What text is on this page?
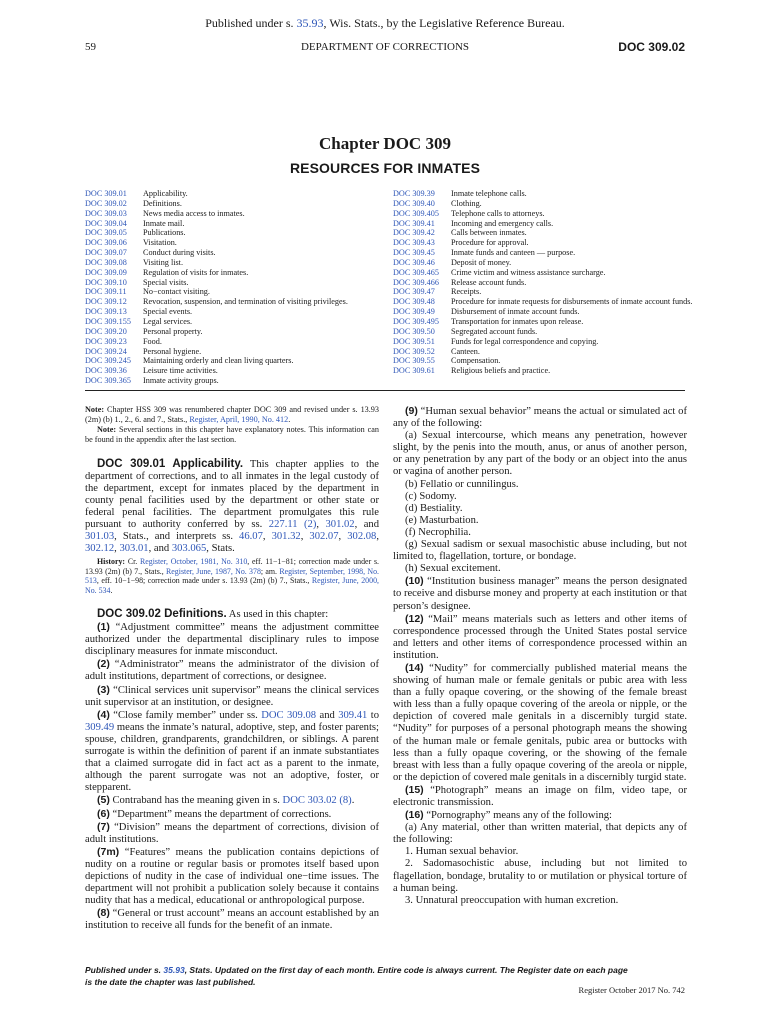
Published under s. 35.93, Wis. Stats., by the Legislative Reference Bureau.
59	DEPARTMENT OF CORRECTIONS	DOC 309.02
Chapter DOC 309
RESOURCES FOR INMATES
DOC 309.01	Applicability.
DOC 309.02	Definitions.
DOC 309.03	News media access to inmates.
DOC 309.04	Inmate mail.
DOC 309.05	Publications.
DOC 309.06	Visitation.
DOC 309.07	Conduct during visits.
DOC 309.08	Visiting list.
DOC 309.09	Regulation of visits for inmates.
DOC 309.10	Special visits.
DOC 309.11	No−contact visiting.
DOC 309.12	Revocation, suspension, and termination of visiting privileges.
DOC 309.13	Special events.
DOC 309.155	Legal services.
DOC 309.20	Personal property.
DOC 309.23	Food.
DOC 309.24	Personal hygiene.
DOC 309.245	Maintaining orderly and clean living quarters.
DOC 309.36	Leisure time activities.
DOC 309.365	Inmate activity groups.
DOC 309.39	Inmate telephone calls.
DOC 309.40	Clothing.
DOC 309.405	Telephone calls to attorneys.
DOC 309.41	Incoming and emergency calls.
DOC 309.42	Calls between inmates.
DOC 309.43	Procedure for approval.
DOC 309.45	Inmate funds and canteen — purpose.
DOC 309.46	Deposit of money.
DOC 309.465	Crime victim and witness assistance surcharge.
DOC 309.466	Release account funds.
DOC 309.47	Receipts.
DOC 309.48	Procedure for inmate requests for disbursements of inmate account funds.
DOC 309.49	Disbursement of inmate account funds.
DOC 309.495	Transportation for inmates upon release.
DOC 309.50	Segregated account funds.
DOC 309.51	Funds for legal correspondence and copying.
DOC 309.52	Canteen.
DOC 309.55	Compensation.
DOC 309.61	Religious beliefs and practice.

Note: Chapter HSS 309 was renumbered chapter DOC 309 and revised under s. 13.93 (2m) (b) 1., 2., 6. and 7., Stats., Register, April, 1990, No. 412.

Note: Several sections in this chapter have explanatory notes. This information can be found in the appendix after the last section.

DOC 309.01 Applicability. This chapter applies to the department of corrections, and to all inmates in the legal custody of the department, except for inmates placed by the department in county penal facilities used by the department or other state or federal penal facilities. The department promulgates this rule pursuant to authority conferred by ss. 227.11 (2), 301.02, and 301.03, Stats., and interprets ss. 46.07, 301.32, 302.07, 302.08, 302.12, 303.01, and 303.065, Stats.

History: Cr. Register, October, 1981, No. 310, eff. 11−1−81; correction made under s. 13.93 (2m) (b) 7., Stats., Register, June, 1987, No. 378; am. Register, September, 1998, No. 513, eff. 10−1−98; correction made under s. 13.93 (2m) (b) 7., Stats., Register, June, 2000, No. 534.

DOC 309.02 Definitions. As used in this chapter:

(1) “Adjustment committee” means the adjustment committee authorized under the departmental disciplinary rules to impose disciplinary measures for inmate misconduct.

(2) “Administrator” means the administrator of the division of adult institutions, department of corrections, or designee.

(3) “Clinical services unit supervisor” means the clinical services unit supervisor at an institution, or designee.

(4) “Close family member” under ss. DOC 309.08 and 309.41 to 309.49 means the inmate’s natural, adoptive, step, and foster parents; spouse, children, grandparents, grandchildren, or siblings. A parent surrogate is within the definition of parent if an inmate substantiates that a claimed surrogate did in fact act as a parent to the inmate, although the parent surrogate was not an adoptive, foster, or stepparent.

(5) Contraband has the meaning given in s. DOC 303.02 (8).

(6) “Department” means the department of corrections.

(7) “Division” means the department of corrections, division of adult institutions.

(7m) “Features” means the publication contains depictions of nudity on a routine or regular basis or promotes itself based upon depictions of nudity in the case of individual one−time issues. The department will not prohibit a publication solely because it contains nudity that has a medical, educational or anthropological purpose.

(8) “General or trust account” means an account established by an institution to receive all funds for the benefit of an inmate.

(9) “Human sexual behavior” means the actual or simulated act of any of the following:

(a) Sexual intercourse, which means any penetration, however slight, by the penis into the mouth, anus, or anus of another person, or any penetration by any part of the body or an object into the anus or vagina of another person.

(b) Fellatio or cunnilingus.

(c) Sodomy.

(d) Bestiality.

(e) Masturbation.

(f) Necrophilia.

(g) Sexual sadism or sexual masochistic abuse including, but not limited to, flagellation, torture, or bondage.

(h) Sexual excitement.

(10) “Institution business manager” means the person designated to receive and disburse money and property at each institution or that person’s designee.

(12) “Mail” means materials such as letters and other items of correspondence processed through the United States postal service and letters and other items of correspondence processed within an institution.

(14) “Nudity” for commercially published material means the showing of human male or female genitals or pubic area with less than a fully opaque covering, or the showing of the female breast with less than a fully opaque covering of the areola or nipple, or the depiction of covered male genitals in a discernibly turgid state. “Nudity” for purposes of a personal photograph means the showing of the human male or female genitals, pubic area or buttocks with less than a fully opaque covering, or the showing of the female breast with less than a fully opaque covering of the areola or nipple, or the depiction of covered male genitals in a discernibly turgid state.

(15) “Photograph” means an image on film, video tape, or electronic transmission.

(16) “Pornography” means any of the following:

(a) Any material, other than written material, that depicts any of the following:

1. Human sexual behavior.

2. Sadomasochistic abuse, including but not limited to flagellation, bondage, brutality to or mutilation or physical torture of a human being.

3. Unnatural preoccupation with human excretion.

Published under s. 35.93, Stats. Updated on the first day of each month. Entire code is always current. The Register date on each page
is the date the chapter was last published.
Register October 2017 No. 742
